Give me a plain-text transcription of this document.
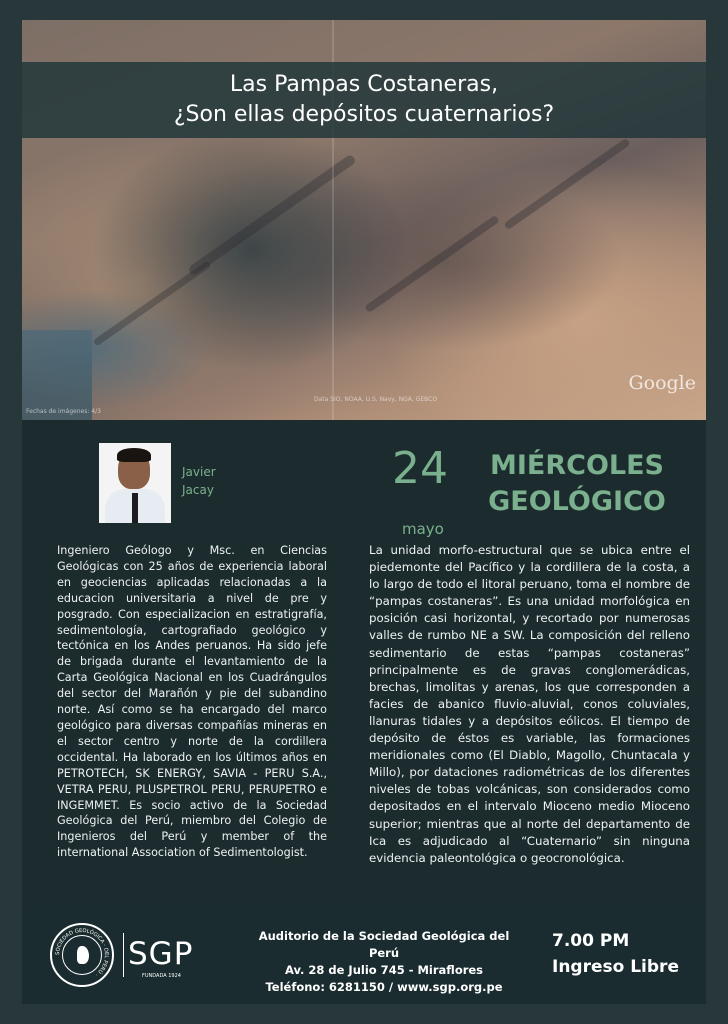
Las Pampas Costaneras,
¿Son ellas depósitos cuaternarios?
Data SIO, NOAA, U.S. Navy, NGA, GEBCO
Google
Fechas de imágenes: 4/3
Javier
Jacay	24
mayo
MIÉRCOLES
GEOLÓGICO
Ingeniero Geólogo y Msc. en Ciencias Geológicas con 25 años de experiencia laboral en geociencias aplicadas relacionadas a la educacion universitaria a nivel de pre y posgrado. Con especializacion en estratigrafía, sedimentología, cartografiado geológico y tectónica en los Andes peruanos. Ha sido jefe de brigada durante el levantamiento de la Carta Geológica Nacional en los Cuadrángulos del sector del Marañón y pie del subandino norte. Así como se ha encargado del marco geológico para diversas compañías mineras en el sector centro y norte de la cordillera occidental. Ha laborado en los últimos años en PETROTECH, SK ENERGY, SAVIA - PERU S.A., VETRA PERU, PLUSPETROL PERU, PERUPETRO e INGEMMET. Es socio activo de la Sociedad Geológica del Perú, miembro del Colegio de Ingenieros del Perú y member of the international Association of Sedimentologist.
La unidad morfo-estructural que se ubica entre el piedemonte del Pacífico y la cordillera de la costa, a lo largo de todo el litoral peruano, toma el nombre de “pampas costaneras”. Es una unidad morfológica en posición casi horizontal, y recortado por numerosas valles de rumbo NE a SW. La composición del relleno sedimentario de estas “pampas costaneras” principalmente es de gravas conglomerádicas, brechas, limolitas y arenas, los que corresponden a facies de abanico fluvio-aluvial, conos coluviales, llanuras tidales y a depósitos eólicos. El tiempo de depósito de éstos es variable, las formaciones meridionales como (El Diablo, Magollo, Chuntacala y Millo), por dataciones radiométricas de los diferentes niveles de tobas volcánicas, son considerados como depositados en el intervalo Mioceno medio Mioceno superior; mientras que al norte del departamento de Ica es adjudicado al “Cuaternario” sin ninguna evidencia paleontológica o geocronológica.
SOCIEDAD GEOLÓGICA · DEL PERÚ ·
SGP
FUNDADA 1924
Auditorio de la Sociedad Geológica del Perú
Av. 28 de Julio 745 - Miraflores
Teléfono: 6281150 / www.sgp.org.pe
7.00 PM
Ingreso Libre
